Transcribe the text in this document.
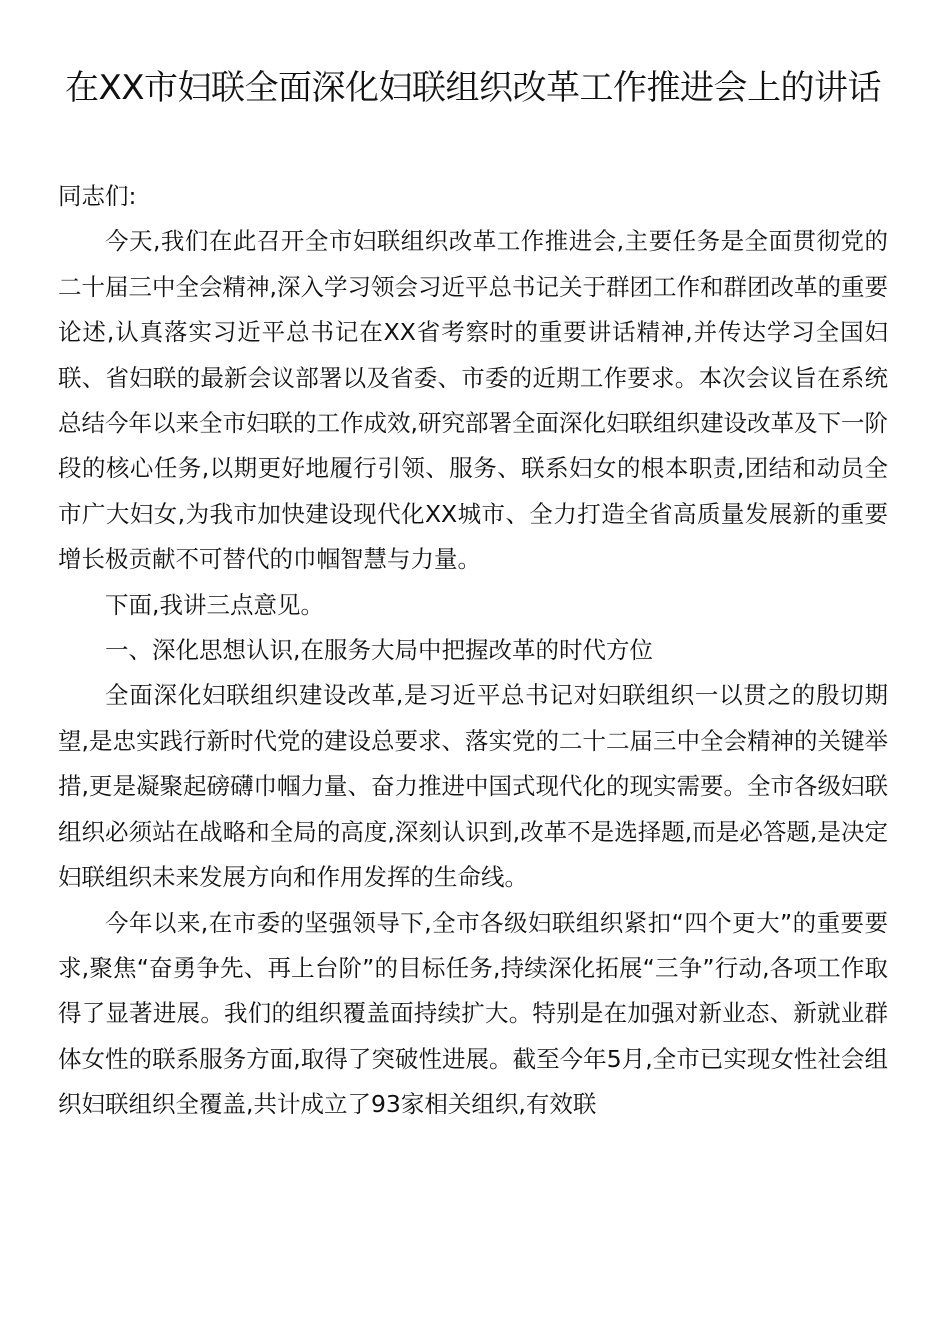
在XX市妇联全面深化妇联组织改革工作推进会上的讲话

同志们:

今天,我们在此召开全市妇联组织改革工作推进会,主要任务是全面贯彻党的二十届三中全会精神,深入学习领会习近平总书记关于群团工作和群团改革的重要论述,认真落实习近平总书记在XX省考察时的重要讲话精神,并传达学习全国妇联、省妇联的最新会议部署以及省委、市委的近期工作要求。本次会议旨在系统总结今年以来全市妇联的工作成效,研究部署全面深化妇联组织建设改革及下一阶段的核心任务,以期更好地履行引领、服务、联系妇女的根本职责,团结和动员全市广大妇女,为我市加快建设现代化XX城市、全力打造全省高质量发展新的重要增长极贡献不可替代的巾帼智慧与力量。

下面,我讲三点意见。

一、深化思想认识,在服务大局中把握改革的时代方位

全面深化妇联组织建设改革,是习近平总书记对妇联组织一以贯之的殷切期望,是忠实践行新时代党的建设总要求、落实党的二十二届三中全会精神的关键举措,更是凝聚起磅礴巾帼力量、奋力推进中国式现代化的现实需要。全市各级妇联组织必须站在战略和全局的高度,深刻认识到,改革不是选择题,而是必答题,是决定妇联组织未来发展方向和作用发挥的生命线。

今年以来,在市委的坚强领导下,全市各级妇联组织紧扣“四个更大”的重要要求,聚焦“奋勇争先、再上台阶”的目标任务,持续深化拓展“三争”行动,各项工作取得了显著进展。我们的组织覆盖面持续扩大。特别是在加强对新业态、新就业群体女性的联系服务方面,取得了突破性进展。截至今年5月,全市已实现女性社会组织妇联组织全覆盖,共计成立了93家相关组织,有效联
